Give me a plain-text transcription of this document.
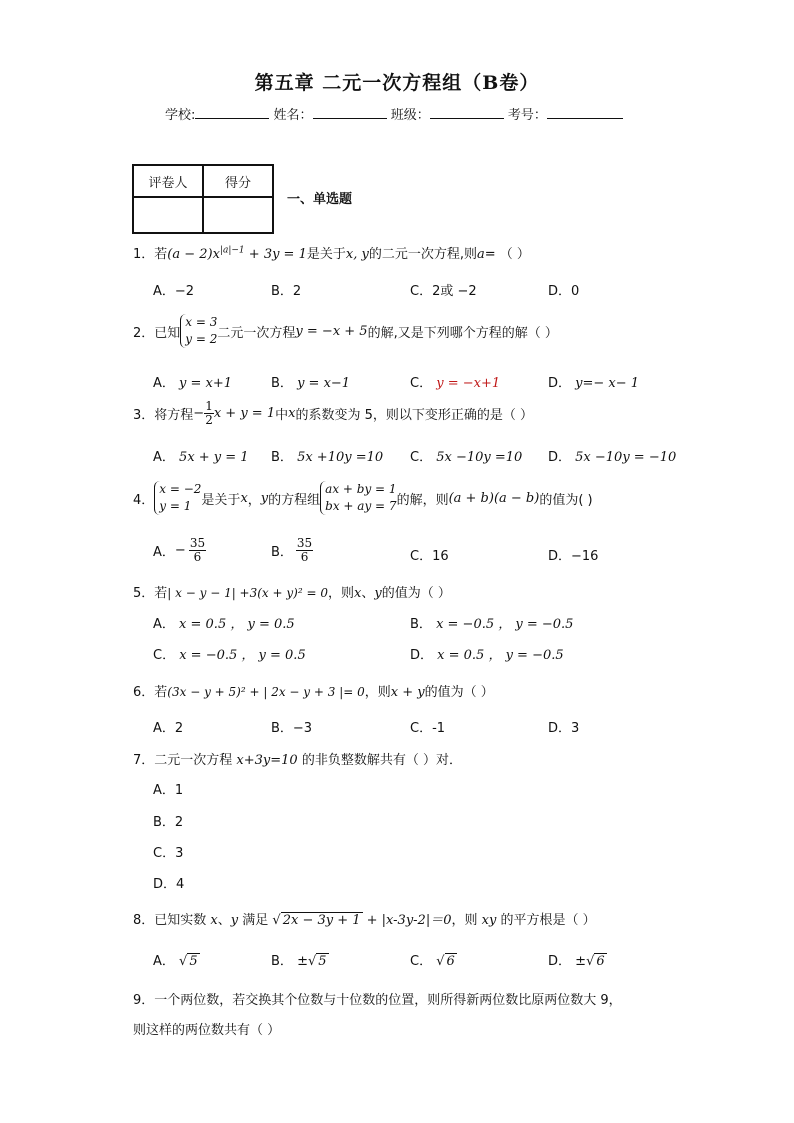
第五章 二元一次方程组（B卷）
学校:	姓名：	班级：	考号：
评卷人	得分

一、单选题
1．若$(a - 2)x^{|a|-1} + 3y = 1$是关于x, y的二元一次方程,则a= （ ）
A．−2	B．2	C．2或 −2	D．0
2． 已知
x = 3
y = 2 二元一次方程 y = −x + 5 的解,又是下列哪个方程的解（ ）
A． y = x+1	B． y = x−1	C． y = −x+1	D． y=− x− 1
3． 将方程 − $\frac{1}{2}$ x + y = 1 中 x 的系数变为 5，则以下变形正确的是（ ）
A． 5x + y = 1 B． 5x +10y =10 C． 5x −10y =10 D． 5x −10y = −10
4．
x = −2
y = 1 是关于 x ， y 的方程组
ax + by = 1
bx + ay = 7 的解，则 (a + b)(a − b) 的值为( )
A． − $\frac{35}{6}$	B． $\frac{35}{6}$	C．16	D．−16
5．若| x − y − 1| +3(x + y)² = 0，则x、y的值为（ ）
A． x = 0.5 ， y = 0.5	B． x = −0.5 ， y = −0.5
C． x = −0.5 ， y = 0.5	D． x = 0.5 ， y = −0.5
6．若(3x − y + 5)² + | 2x − y + 3 |= 0，则x + y的值为（ ）
A．2	B．−3	C．-1	D．3
7．二元一次方程 x+3y=10 的非负整数解共有（ ）对．
A．1
B．2
C．3
D．4
8．已知实数 x、y 满足 √ 2x − 3y + 1 + |x-3y-2|＝0，则 xy 的平方根是（ ）
A． √ 5	B． ±√ 5	C． √ 6	D． ±√ 6
9．一个两位数，若交换其个位数与十位数的位置，则所得新两位数比原两位数大 9，
则这样的两位数共有（ ）
